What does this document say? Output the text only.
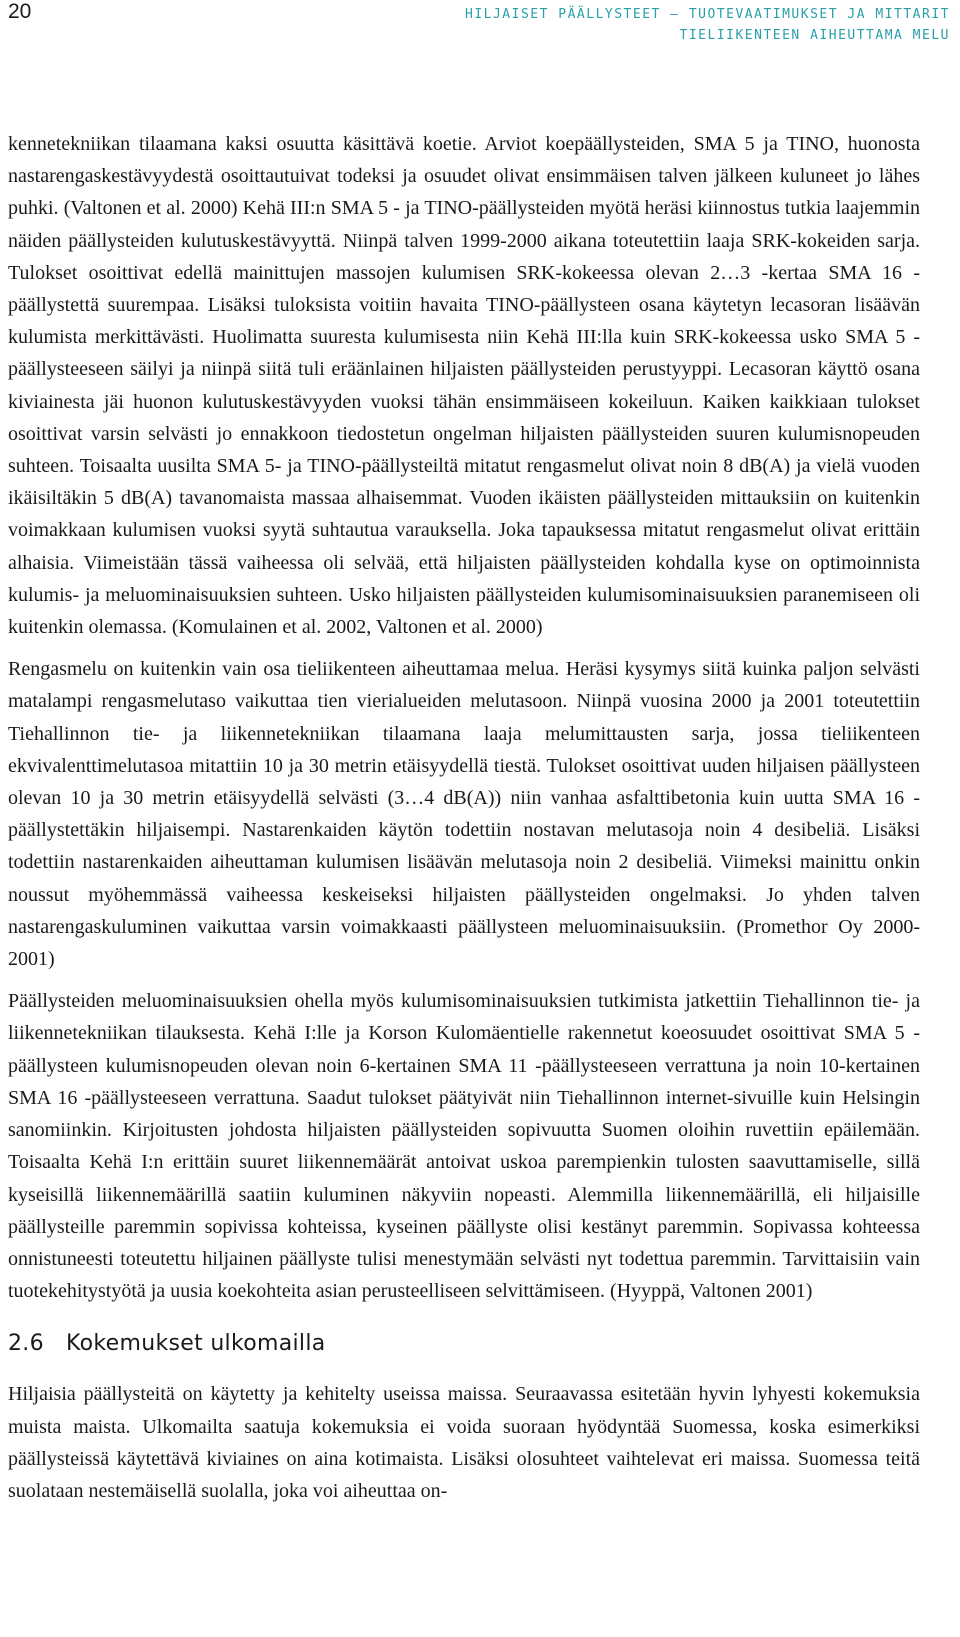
20	HILJAISET PÄÄLLYSTEET – TUOTEVAATIMUKSET JA MITTARIT
TIELIIKENTEEN AIHEUTTAMA MELU

kennetekniikan tilaamana kaksi osuutta käsittävä koetie. Arviot koepäällysteiden, SMA 5 ja TINO, huonosta nastarengaskestävyydestä osoittautuivat todeksi ja osuudet olivat ensimmäisen talven jälkeen kuluneet jo lähes puhki. (Valtonen et al. 2000) Kehä III:n SMA 5 - ja TINO-päällysteiden myötä heräsi kiinnostus tutkia laajemmin näiden päällysteiden kulutuskestävyyttä. Niinpä talven 1999-2000 aikana toteutettiin laaja SRK-kokeiden sarja. Tulokset osoittivat edellä mainittujen massojen kulumisen SRK-kokeessa olevan 2…3 -kertaa SMA 16 -päällystettä suurempaa. Lisäksi tuloksista voitiin havaita TINO-päällysteen osana käytetyn lecasoran lisäävän kulumista merkittävästi. Huolimatta suuresta kulumisesta niin Kehä III:lla kuin SRK-kokeessa usko SMA 5 -päällysteeseen säilyi ja niinpä siitä tuli eräänlainen hiljaisten päällysteiden perustyyppi. Lecasoran käyttö osana kiviainesta jäi huonon kulutuskestävyyden vuoksi tähän ensimmäiseen kokeiluun. Kaiken kaikkiaan tulokset osoittivat varsin selvästi jo ennakkoon tiedostetun ongelman hiljaisten päällysteiden suuren kulumisnopeuden suhteen. Toisaalta uusilta SMA 5- ja TINO-päällysteiltä mitatut rengasmelut olivat noin 8 dB(A) ja vielä vuoden ikäisiltäkin 5 dB(A) tavanomaista massaa alhaisemmat. Vuoden ikäisten päällysteiden mittauksiin on kuitenkin voimakkaan kulumisen vuoksi syytä suhtautua varauksella. Joka tapauksessa mitatut rengasmelut olivat erittäin alhaisia. Viimeistään tässä vaiheessa oli selvää, että hiljaisten päällysteiden kohdalla kyse on optimoinnista kulumis- ja meluominaisuuksien suhteen. Usko hiljaisten päällysteiden kulumisominaisuuksien paranemiseen oli kuitenkin olemassa. (Komulainen et al. 2002, Valtonen et al. 2000)

Rengasmelu on kuitenkin vain osa tieliikenteen aiheuttamaa melua. Heräsi kysymys siitä kuinka paljon selvästi matalampi rengasmelutaso vaikuttaa tien vierialueiden melutasoon. Niinpä vuosina 2000 ja 2001 toteutettiin Tiehallinnon tie- ja liikennetekniikan tilaamana laaja melumittausten sarja, jossa tieliikenteen ekvivalenttimelutasoa mitattiin 10 ja 30 metrin etäisyydellä tiestä. Tulokset osoittivat uuden hiljaisen päällysteen olevan 10 ja 30 metrin etäisyydellä selvästi (3…4 dB(A)) niin vanhaa asfalttibetonia kuin uutta SMA 16 -päällystettäkin hiljaisempi. Nastarenkaiden käytön todettiin nostavan melutasoja noin 4 desibeliä. Lisäksi todettiin nastarenkaiden aiheuttaman kulumisen lisäävän melutasoja noin 2 desibeliä. Viimeksi mainittu onkin noussut myöhemmässä vaiheessa keskeiseksi hiljaisten päällysteiden ongelmaksi. Jo yhden talven nastarengaskuluminen vaikuttaa varsin voimakkaasti päällysteen meluominaisuuksiin. (Promethor Oy 2000-2001)

Päällysteiden meluominaisuuksien ohella myös kulumisominaisuuksien tutkimista jatkettiin Tiehallinnon tie- ja liikennetekniikan tilauksesta. Kehä I:lle ja Korson Kulomäentielle rakennetut koeosuudet osoittivat SMA 5 -päällysteen kulumisnopeuden olevan noin 6-kertainen SMA 11 -päällysteeseen verrattuna ja noin 10-kertainen SMA 16 -päällysteeseen verrattuna. Saadut tulokset päätyivät niin Tiehallinnon internet-sivuille kuin Helsingin sanomiinkin. Kirjoitusten johdosta hiljaisten päällysteiden sopivuutta Suomen oloihin ruvettiin epäilemään. Toisaalta Kehä I:n erittäin suuret liikennemäärät antoivat uskoa parempienkin tulosten saavuttamiselle, sillä kyseisillä liikennemäärillä saatiin kuluminen näkyviin nopeasti. Alemmilla liikennemäärillä, eli hiljaisille päällysteille paremmin sopivissa kohteissa, kyseinen päällyste olisi kestänyt paremmin. Sopivassa kohteessa onnistuneesti toteutettu hiljainen päällyste tulisi menestymään selvästi nyt todettua paremmin. Tarvittaisiin vain tuotekehitystyötä ja uusia koekohteita asian perusteelliseen selvittämiseen. (Hyyppä, Valtonen 2001)

2.6 Kokemukset ulkomailla

Hiljaisia päällysteitä on käytetty ja kehitelty useissa maissa. Seuraavassa esitetään hyvin lyhyesti kokemuksia muista maista. Ulkomailta saatuja kokemuksia ei voida suoraan hyödyntää Suomessa, koska esimerkiksi päällysteissä käytettävä kiviaines on aina kotimaista. Lisäksi olosuhteet vaihtelevat eri maissa. Suomessa teitä suolataan nestemäisellä suolalla, joka voi aiheuttaa on-
